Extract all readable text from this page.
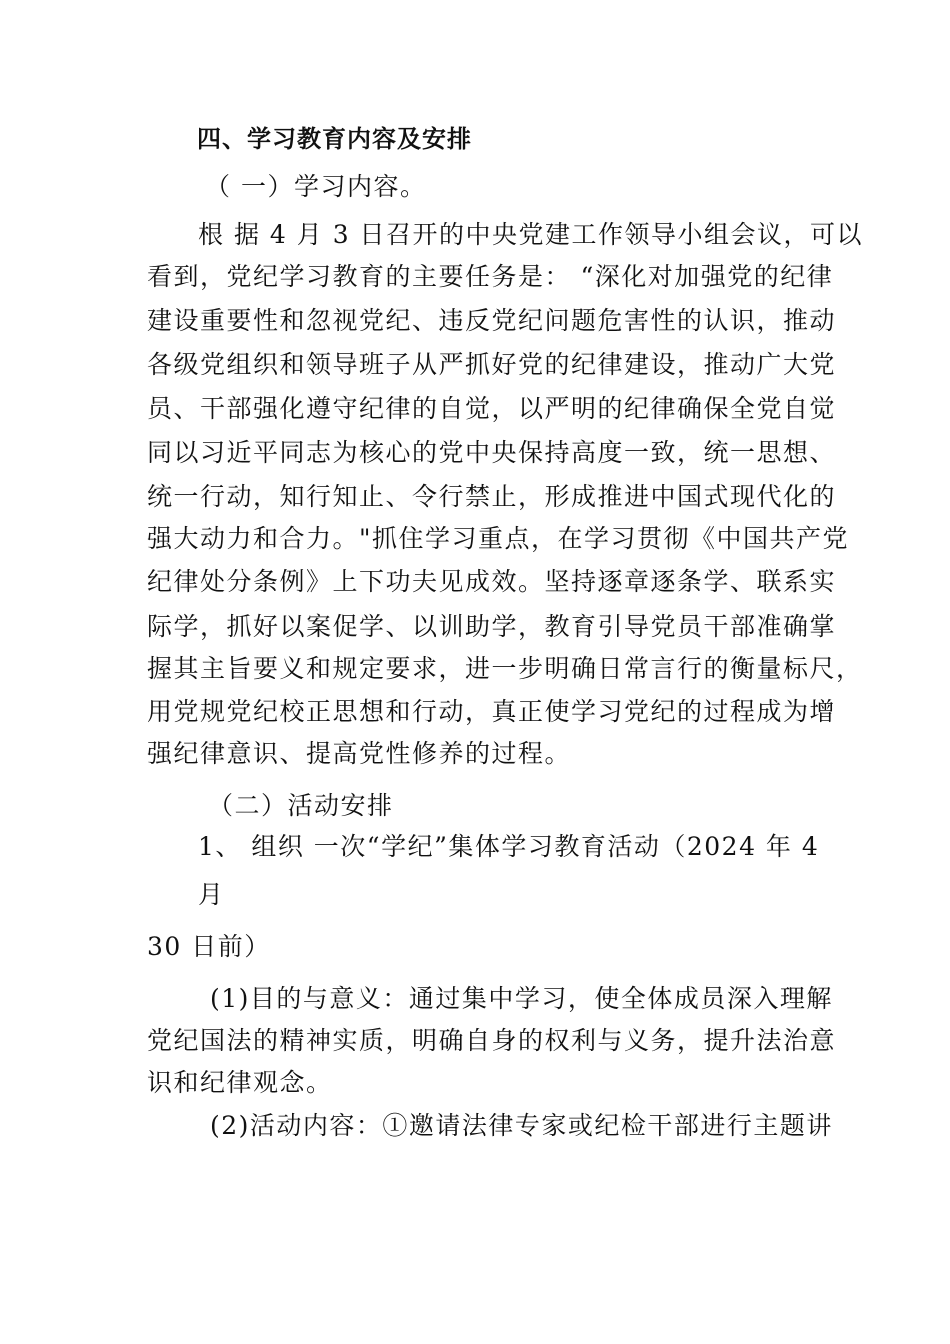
四、学习教育内容及安排
（ 一）学习内容。
根 据 4 月 3 日召开的中央党建工作领导小组会议，可以
看到，党纪学习教育的主要任务是： “深化对加强党的纪律
建设重要性和忽视党纪、违反党纪问题危害性的认识，推动
各级党组织和领导班子从严抓好党的纪律建设，推动广大党
员、干部强化遵守纪律的自觉，以严明的纪律确保全党自觉
同以习近平同志为核心的党中央保持高度一致，统一思想、
统一行动，知行知止、令行禁止，形成推进中国式现代化的
强大动力和合力。"抓住学习重点，在学习贯彻《中国共产党
纪律处分条例》上下功夫见成效。坚持逐章逐条学、联系实
际学，抓好以案促学、以训助学，教育引导党员干部准确掌
握其主旨要义和规定要求，进一步明确日常言行的衡量标尺，
用党规党纪校正思想和行动，真正使学习党纪的过程成为增
强纪律意识、提高党性修养的过程。
（二）活动安排
1、 组织 一次“学纪”集体学习教育活动（2024 年 4
月
30 日前）
(1)目的与意义：通过集中学习，使全体成员深入理解
党纪国法的精神实质，明确自身的权利与义务，提升法治意
识和纪律观念。
(2)活动内容：①邀请法律专家或纪检干部进行主题讲
